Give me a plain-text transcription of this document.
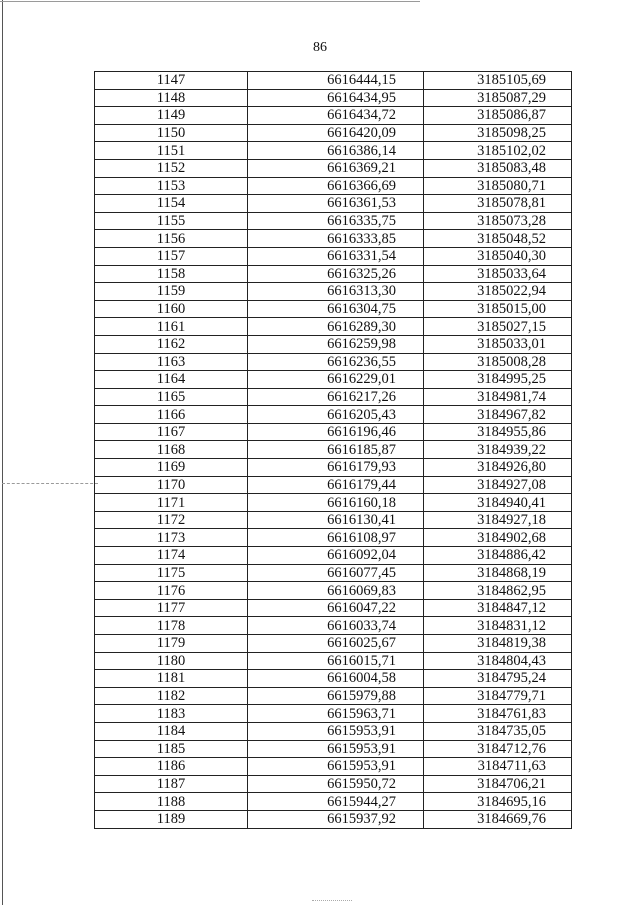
86
1147	6616444,15	3185105,69
1148	6616434,95	3185087,29
1149	6616434,72	3185086,87
1150	6616420,09	3185098,25
1151	6616386,14	3185102,02
1152	6616369,21	3185083,48
1153	6616366,69	3185080,71
1154	6616361,53	3185078,81
1155	6616335,75	3185073,28
1156	6616333,85	3185048,52
1157	6616331,54	3185040,30
1158	6616325,26	3185033,64
1159	6616313,30	3185022,94
1160	6616304,75	3185015,00
1161	6616289,30	3185027,15
1162	6616259,98	3185033,01
1163	6616236,55	3185008,28
1164	6616229,01	3184995,25
1165	6616217,26	3184981,74
1166	6616205,43	3184967,82
1167	6616196,46	3184955,86
1168	6616185,87	3184939,22
1169	6616179,93	3184926,80
1170	6616179,44	3184927,08
1171	6616160,18	3184940,41
1172	6616130,41	3184927,18
1173	6616108,97	3184902,68
1174	6616092,04	3184886,42
1175	6616077,45	3184868,19
1176	6616069,83	3184862,95
1177	6616047,22	3184847,12
1178	6616033,74	3184831,12
1179	6616025,67	3184819,38
1180	6616015,71	3184804,43
1181	6616004,58	3184795,24
1182	6615979,88	3184779,71
1183	6615963,71	3184761,83
1184	6615953,91	3184735,05
1185	6615953,91	3184712,76
1186	6615953,91	3184711,63
1187	6615950,72	3184706,21
1188	6615944,27	3184695,16
1189	6615937,92	3184669,76
